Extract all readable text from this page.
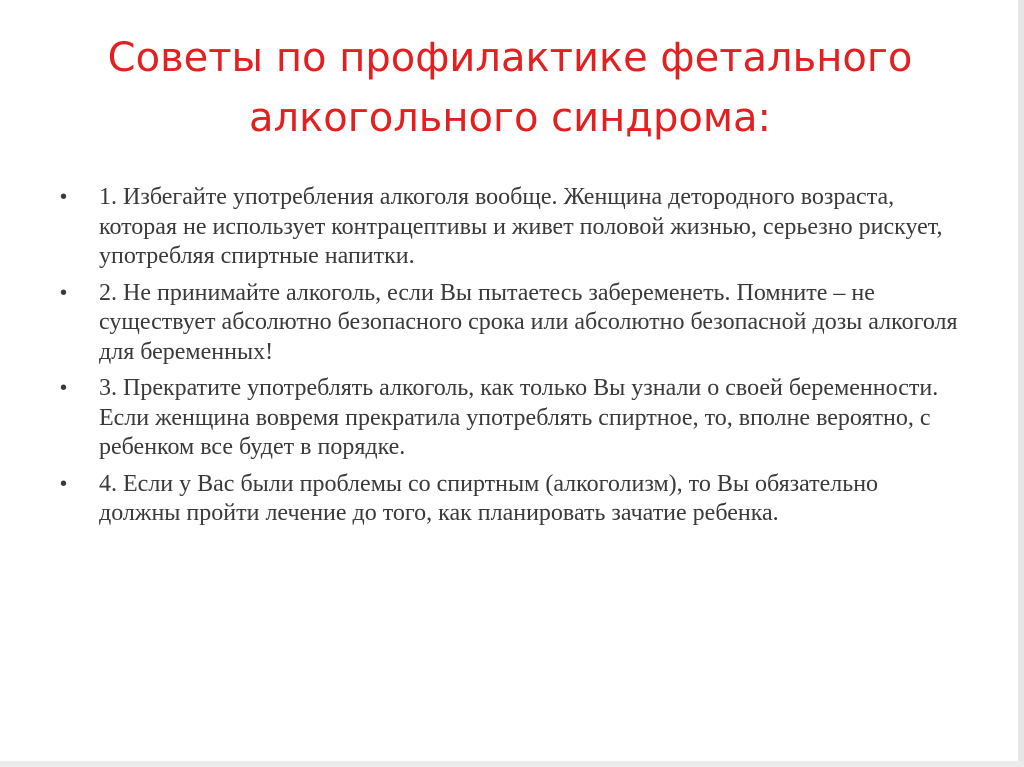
Советы по профилактике фетального
алкогольного синдрома:
• 1. Избегайте употребления алкоголя вообще. Женщина детородного возраста, которая не использует контрацептивы и живет половой жизнью, серьезно рискует, употребляя спиртные напитки.
• 2. Не принимайте алкоголь, если Вы пытаетесь забеременеть. Помните – не существует абсолютно безопасного срока или абсолютно безопасной дозы алкоголя для беременных!
• 3. Прекратите употреблять алкоголь, как только Вы узнали о своей беременности. Если женщина вовремя прекратила употреблять спиртное, то, вполне вероятно, с ребенком все будет в порядке.
• 4. Если у Вас были проблемы со спиртным (алкоголизм), то Вы обязательно должны пройти лечение до того, как планировать зачатие ребенка.
